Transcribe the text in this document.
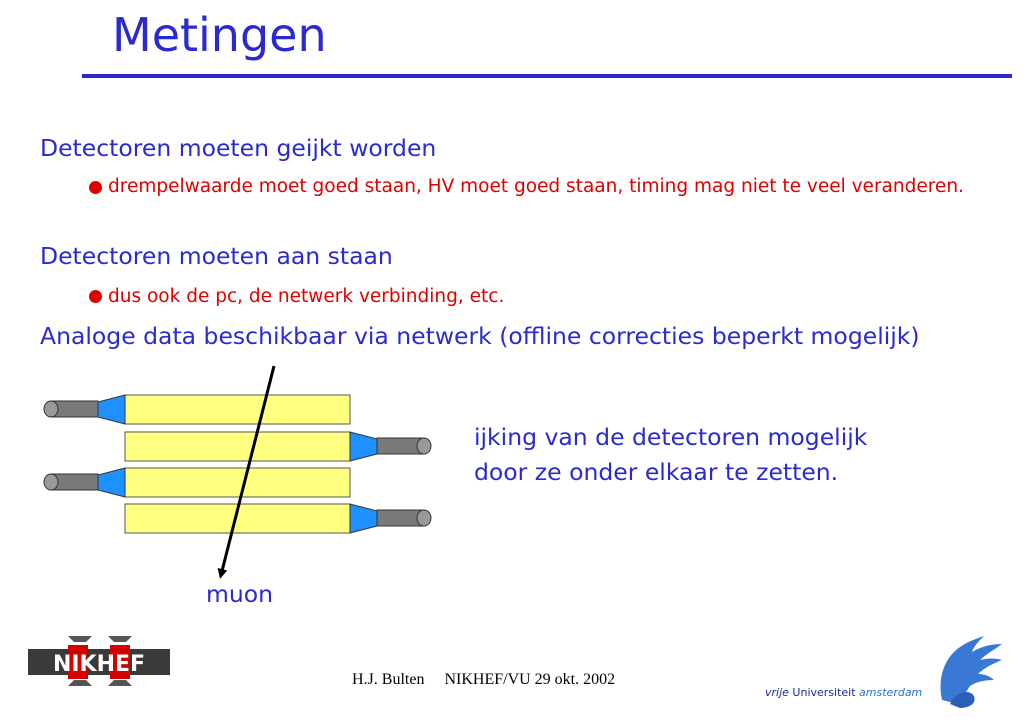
Metingen
Detectoren moeten geijkt worden
drempelwaarde moet goed staan, HV moet goed staan, timing mag niet te veel veranderen.
Detectoren moeten aan staan
dus ook de pc, de netwerk verbinding, etc.
Analoge data beschikbaar via netwerk (offline correcties beperkt mogelijk)
ijking van de detectoren mogelijk door ze onder elkaar te zetten.
muon
NIKHEF
H.J. Bulten NIKHEF/VU 29 okt. 2002
vrije Universiteit amsterdam
